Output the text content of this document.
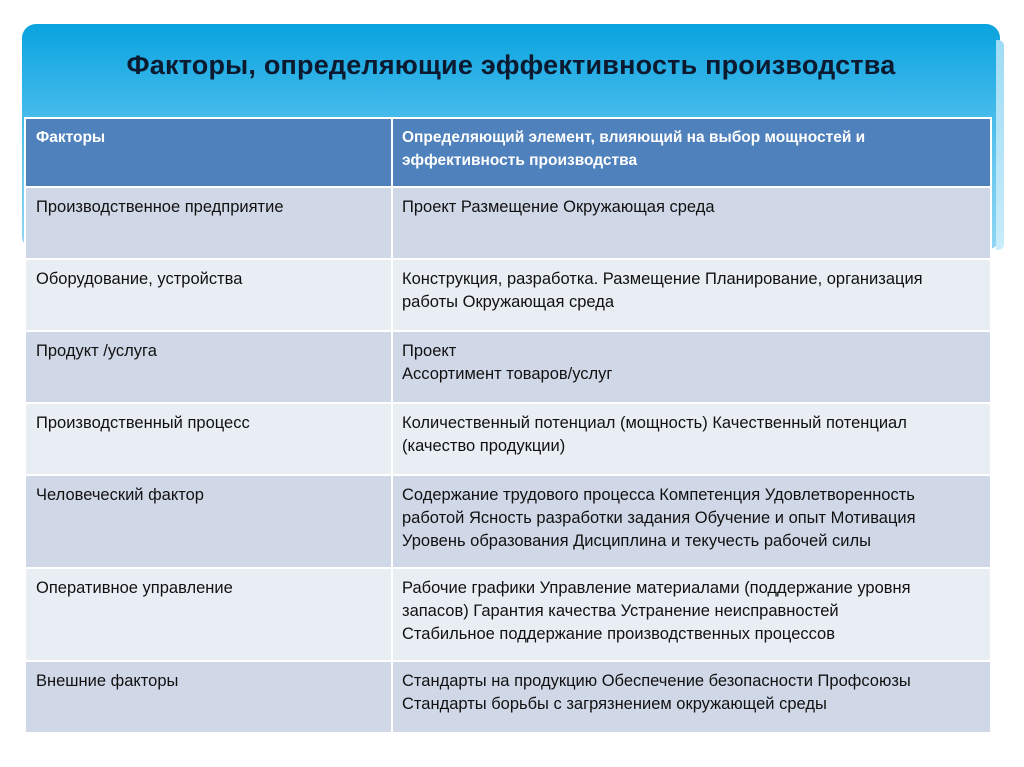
Факторы, определяющие эффективность производства
Факторы	Определяющий элемент, влияющий на выбор мощностей и эффективность производства
Производственное предприятие	Проект Размещение Окружающая среда

Оборудование, устройства	Конструкция, разработка. Размещение Планирование, организация
работы Окружающая среда

Продукт /услуга	Проект
Ассортимент товаров/услуг

Производственный процесс	Количественный потенциал (мощность) Качественный потенциал
(качество продукции)

Человеческий фактор	Содержание трудового процесса Компетенция Удовлетворенность
работой Ясность разработки задания Обучение и опыт Мотивация
Уровень образования Дисциплина и текучесть рабочей силы

Оперативное управление	Рабочие графики Управление материалами (поддержание уровня
запасов) Гарантия качества Устранение неисправностей
Стабильное поддержание производственных процессов

Внешние факторы	Стандарты на продукцию Обеспечение безопасности Профсоюзы
Стандарты борьбы с загрязнением окружающей среды
